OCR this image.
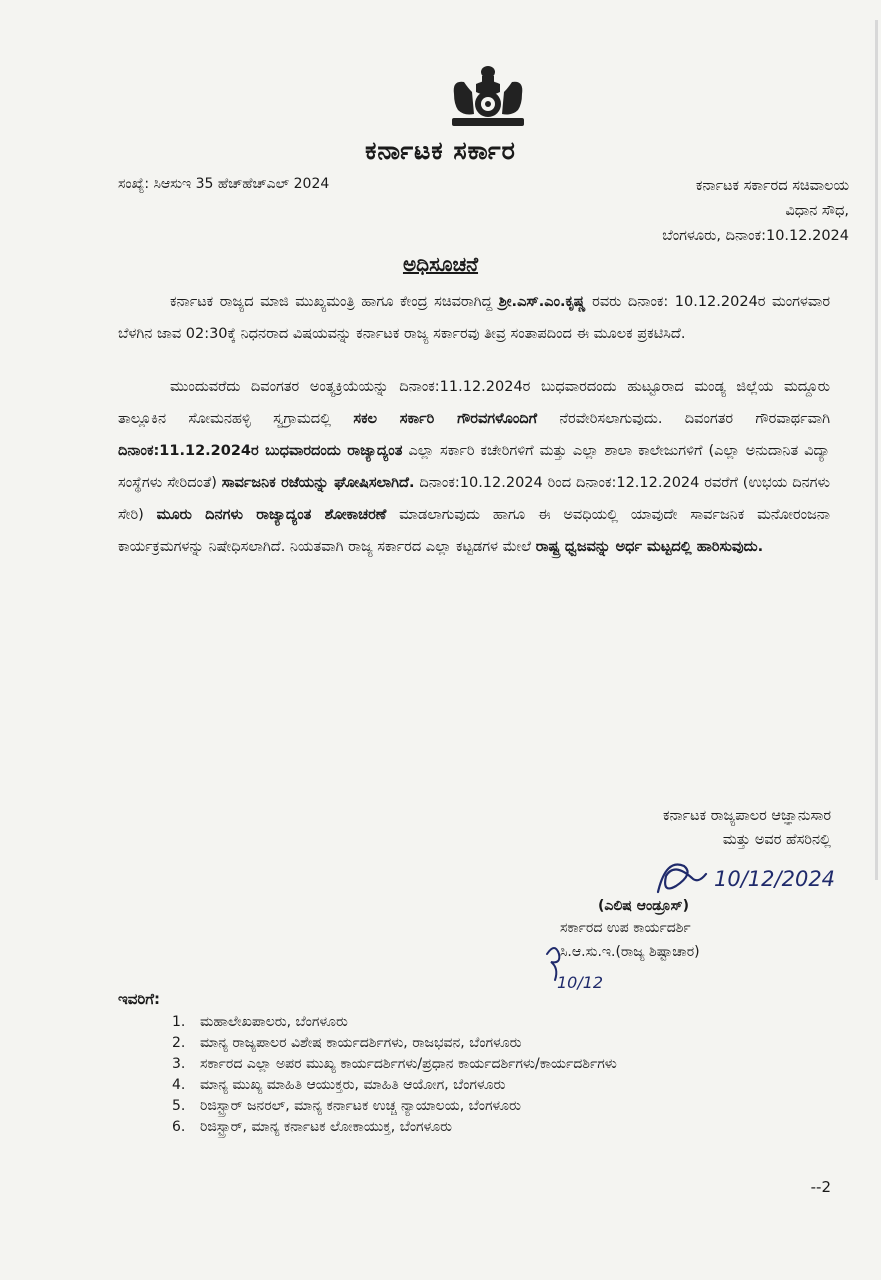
ಕರ್ನಾಟಕ ಸರ್ಕಾರ
ಸಂಖ್ಯೆ: ಸಿಆಸುಇ 35 ಹೆಚ್‌ಹೆಚ್‌ಎಲ್ 2024	ಕರ್ನಾಟಕ ಸರ್ಕಾರದ ಸಚಿವಾಲಯ
ವಿಧಾನ ಸೌಧ,
ಬೆಂಗಳೂರು, ದಿನಾಂಕ:10.12.2024
ಅಧಿಸೂಚನೆ

ಕರ್ನಾಟಕ ರಾಜ್ಯದ ಮಾಜಿ ಮುಖ್ಯಮಂತ್ರಿ ಹಾಗೂ ಕೇಂದ್ರ ಸಚಿವರಾಗಿದ್ದ ಶ್ರೀ.ಎಸ್.ಎಂ.ಕೃಷ್ಣ ರವರು ದಿನಾಂಕ: 10.12.2024ರ ಮಂಗಳವಾರ ಬೆಳಗಿನ ಜಾವ 02:30ಕ್ಕೆ ನಿಧನರಾದ ವಿಷಯವನ್ನು ಕರ್ನಾಟಕ ರಾಜ್ಯ ಸರ್ಕಾರವು ತೀವ್ರ ಸಂತಾಪದಿಂದ ಈ ಮೂಲಕ ಪ್ರಕಟಿಸಿದೆ.

ಮುಂದುವರೆದು ದಿವಂಗತರ ಅಂತ್ಯಕ್ರಿಯೆಯನ್ನು ದಿನಾಂಕ:11.12.2024ರ ಬುಧವಾರದಂದು ಹುಟ್ಟೂರಾದ ಮಂಡ್ಯ ಜಿಲ್ಲೆಯ ಮದ್ದೂರು ತಾಲ್ಲೂಕಿನ ಸೋಮನಹಳ್ಳಿ ಸ್ವಗ್ರಾಮದಲ್ಲಿ ಸಕಲ ಸರ್ಕಾರಿ ಗೌರವಗಳೊಂದಿಗೆ ನೆರವೇರಿಸಲಾಗುವುದು. ದಿವಂಗತರ ಗೌರವಾರ್ಥವಾಗಿ ದಿನಾಂಕ:11.12.2024ರ ಬುಧವಾರದಂದು ರಾಜ್ಯಾದ್ಯಂತ ಎಲ್ಲಾ ಸರ್ಕಾರಿ ಕಚೇರಿಗಳಿಗೆ ಮತ್ತು ಎಲ್ಲಾ ಶಾಲಾ ಕಾಲೇಜುಗಳಿಗೆ (ಎಲ್ಲಾ ಅನುದಾನಿತ ವಿದ್ಯಾ ಸಂಸ್ಥೆಗಳು ಸೇರಿದಂತೆ) ಸಾರ್ವಜನಿಕ ರಜೆಯನ್ನು ಘೋಷಿಸಲಾಗಿದೆ. ದಿನಾಂಕ:10.12.2024 ರಿಂದ ದಿನಾಂಕ:12.12.2024 ರವರೆಗೆ (ಉಭಯ ದಿನಗಳು ಸೇರಿ) ಮೂರು ದಿನಗಳು ರಾಜ್ಯಾದ್ಯಂತ ಶೋಕಾಚರಣೆ ಮಾಡಲಾಗುವುದು ಹಾಗೂ ಈ ಅವಧಿಯಲ್ಲಿ ಯಾವುದೇ ಸಾರ್ವಜನಿಕ ಮನೋರಂಜನಾ ಕಾರ್ಯಕ್ರಮಗಳನ್ನು ನಿಷೇಧಿಸಲಾಗಿದೆ. ನಿಯತವಾಗಿ ರಾಜ್ಯ ಸರ್ಕಾರದ ಎಲ್ಲಾ ಕಟ್ಟಡಗಳ ಮೇಲೆ ರಾಷ್ಟ್ರ ಧ್ವಜವನ್ನು ಅರ್ಧ ಮಟ್ಟದಲ್ಲಿ ಹಾರಿಸುವುದು.

ಕರ್ನಾಟಕ ರಾಜ್ಯಪಾಲರ ಆಜ್ಞಾನುಸಾರ
ಮತ್ತು ಅವರ ಹೆಸರಿನಲ್ಲಿ
10/12/2024
(ಎಲಿಷ ಆಂಡ್ರೂಸ್)
ಸರ್ಕಾರದ ಉಪ ಕಾರ್ಯದರ್ಶಿ
ಸಿ.ಆ.ಸು.ಇ.(ರಾಜ್ಯ ಶಿಷ್ಟಾಚಾರ)
10/12
ಇವರಿಗೆ:
1.	ಮಹಾಲೇಖಪಾಲರು, ಬೆಂಗಳೂರು
2.	ಮಾನ್ಯ ರಾಜ್ಯಪಾಲರ ವಿಶೇಷ ಕಾರ್ಯದರ್ಶಿಗಳು, ರಾಜಭವನ, ಬೆಂಗಳೂರು
3.	ಸರ್ಕಾರದ ಎಲ್ಲಾ ಅಪರ ಮುಖ್ಯ ಕಾರ್ಯದರ್ಶಿಗಳು/ಪ್ರಧಾನ ಕಾರ್ಯದರ್ಶಿಗಳು/ಕಾರ್ಯದರ್ಶಿಗಳು
4.	ಮಾನ್ಯ ಮುಖ್ಯ ಮಾಹಿತಿ ಆಯುಕ್ತರು, ಮಾಹಿತಿ ಆಯೋಗ, ಬೆಂಗಳೂರು
5.	ರಿಜಿಸ್ಟ್ರಾರ್ ಜನರಲ್, ಮಾನ್ಯ ಕರ್ನಾಟಕ ಉಚ್ಚ ನ್ಯಾಯಾಲಯ, ಬೆಂಗಳೂರು
6.	ರಿಜಿಸ್ಟ್ರಾರ್, ಮಾನ್ಯ ಕರ್ನಾಟಕ ಲೋಕಾಯುಕ್ತ, ಬೆಂಗಳೂರು
--2
